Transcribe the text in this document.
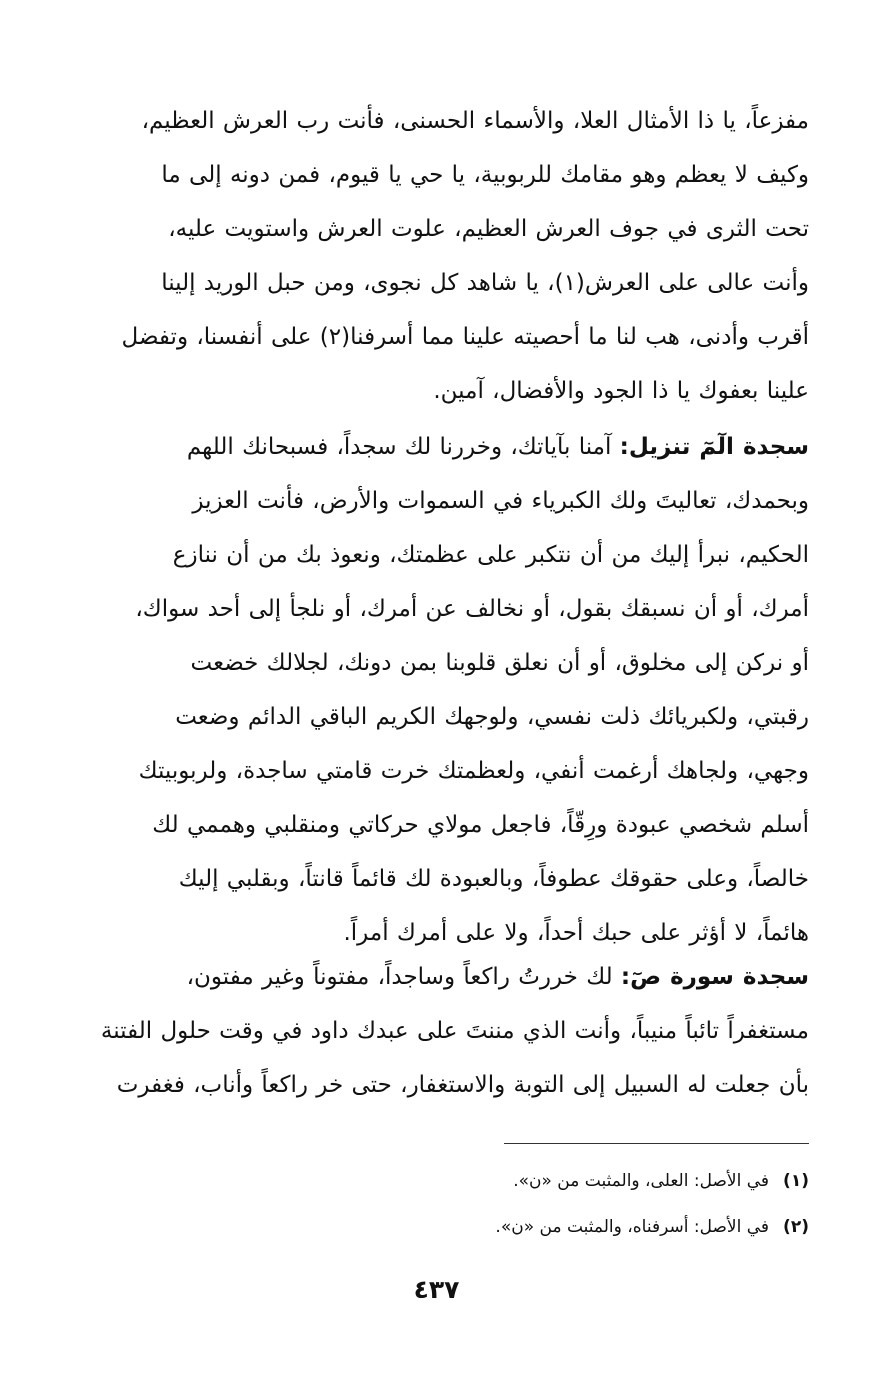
مفزعاً، يا ذا الأمثال العلا، والأسماء الحسنى، فأنت رب العرش العظيم،
وكيف لا يعظم وهو مقامك للربوبية، يا حي يا قيوم، فمن دونه إلى ما
تحت الثرى في جوف العرش العظيم، علوت العرش واستويت عليه،
وأنت عالى على العرش(١)، يا شاهد كل نجوى، ومن حبل الوريد إلينا
أقرب وأدنى، هب لنا ما أحصيته علينا مما أسرفنا(٢) على أنفسنا، وتفضل
علينا بعفوك يا ذا الجود والأفضال، آمين.
سجدة الٓمٓ تنزيل: آمنا بآياتك، وخررنا لك سجداً، فسبحانك اللهم
وبحمدك، تعاليتَ ولك الكبرياء في السموات والأرض، فأنت العزيز
الحكيم، نبرأ إليك من أن نتكبر على عظمتك، ونعوذ بك من أن ننازع
أمرك، أو أن نسبقك بقول، أو نخالف عن أمرك، أو نلجأ إلى أحد سواك،
أو نركن إلى مخلوق، أو أن نعلق قلوبنا بمن دونك، لجلالك خضعت
رقبتي، ولكبريائك ذلت نفسي، ولوجهك الكريم الباقي الدائم وضعت
وجهي، ولجاهك أرغمت أنفي، ولعظمتك خرت قامتي ساجدة، ولربوبيتك
أسلم شخصي عبودة ورِقّاً، فاجعل مولاي حركاتي ومنقلبي وهممي لك
خالصاً، وعلى حقوقك عطوفاً، وبالعبودة لك قائماً قانتاً، وبقلبي إليك
هائماً، لا أؤثر على حبك أحداً، ولا على أمرك أمراً.
سجدة سورة صٓ: لك خررتُ راكعاً وساجداً، مفتوناً وغير مفتون،
مستغفراً تائباً منيباً، وأنت الذي مننتَ على عبدك داود في وقت حلول الفتنة
بأن جعلت له السبيل إلى التوبة والاستغفار، حتى خر راكعاً وأناب، فغفرت
(١)في الأصل: العلى، والمثبت من «ن».
(٢)في الأصل: أسرفناه، والمثبت من «ن».
٤٣٧
